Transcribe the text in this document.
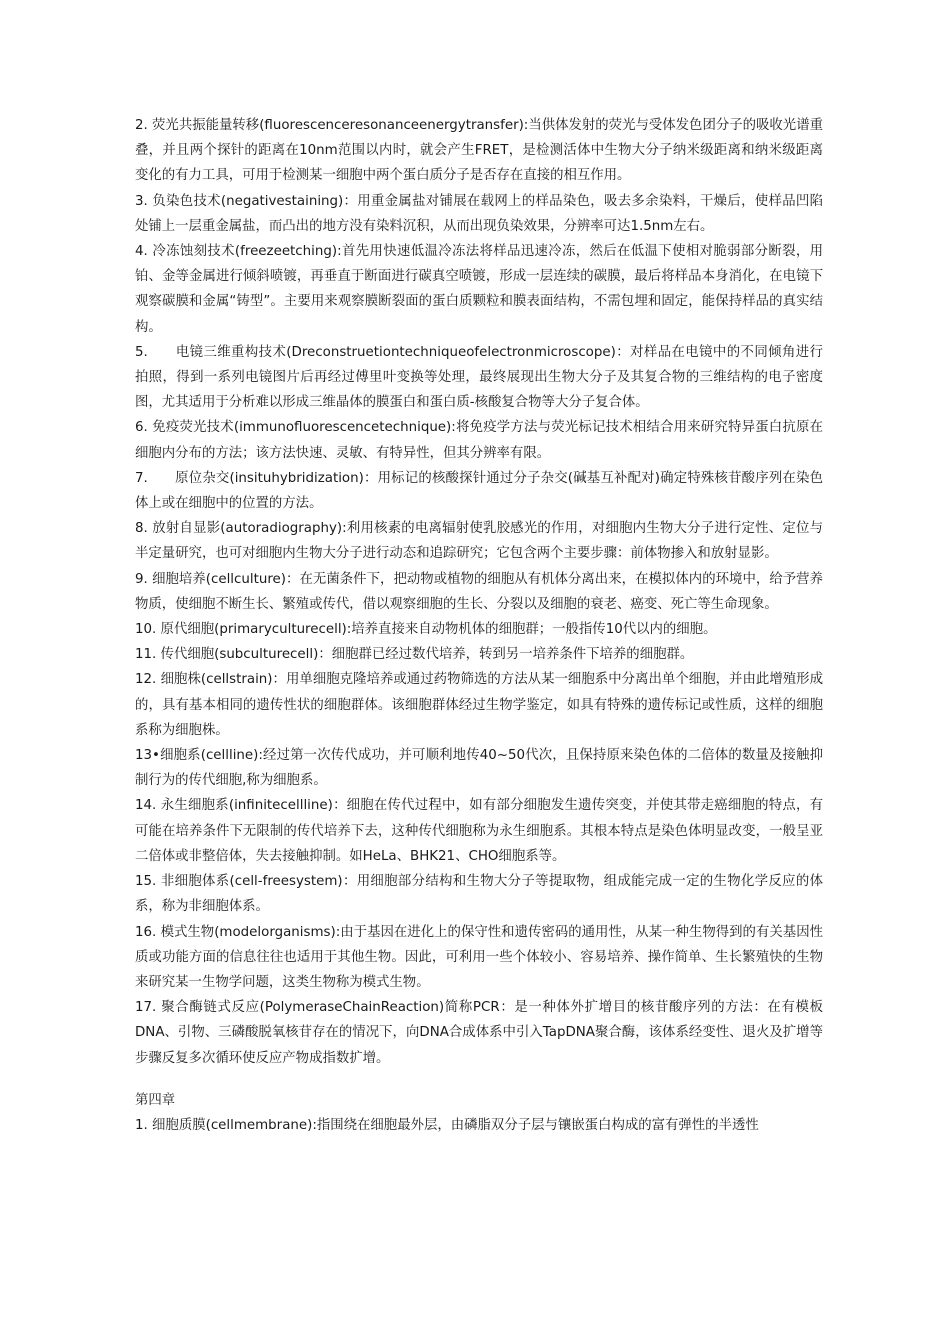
2. 荧光共振能量转移(fluorescenceresonanceenergytransfer):当供体发射的荧光与受体发色团分子的吸收光谱重叠，并且两个探针的距离在10nm范围以内时，就会产生FRET，是检测活体中生物大分子纳米级距离和纳米级距离变化的有力工具，可用于检测某一细胞中两个蛋白质分子是否存在直接的相互作用。

3. 负染色技术(negativestaining)：用重金属盐对铺展在载网上的样品染色，吸去多余染料，干燥后，使样品凹陷处铺上一层重金属盐，而凸出的地方没有染料沉积，从而出现负染效果，分辨率可达1.5nm左右。

4. 冷冻蚀刻技术(freezeetching):首先用快速低温冷冻法将样品迅速冷冻，然后在低温下使相对脆弱部分断裂，用铂、金等金属进行倾斜喷镀，再垂直于断面进行碳真空喷镀，形成一层连续的碳膜，最后将样品本身消化，在电镜下观察碳膜和金属“铸型”。主要用来观察膜断裂面的蛋白质颗粒和膜表面结构，不需包埋和固定，能保持样品的真实结构。

5.　　电镜三维重构技术(Dreconstruetiontechniqueofelectronmicroscope)：对样品在电镜中的不同倾角进行拍照，得到一系列电镜图片后再经过傅里叶变换等处理，最终展现出生物大分子及其复合物的三维结构的电子密度图，尤其适用于分析难以形成三维晶体的膜蛋白和蛋白质-核酸复合物等大分子复合体。

6. 免疫荧光技术(immunofluorescencetechnique):将免疫学方法与荧光标记技术相结合用来研究特异蛋白抗原在细胞内分布的方法；该方法快速、灵敏、有特异性，但其分辨率有限。

7.　　原位杂交(insituhybridization)：用标记的核酸探针通过分子杂交(碱基互补配对)确定特殊核苷酸序列在染色体上或在细胞中的位置的方法。

8. 放射自显影(autoradiography):利用核素的电离辐射使乳胶感光的作用，对细胞内生物大分子进行定性、定位与半定量研究，也可对细胞内生物大分子进行动态和追踪研究；它包含两个主要步骤：前体物掺入和放射显影。

9. 细胞培养(cellculture)：在无菌条件下，把动物或植物的细胞从有机体分离出来，在模拟体内的环境中，给予营养物质，使细胞不断生长、繁殖或传代，借以观察细胞的生长、分裂以及细胞的衰老、癌变、死亡等生命现象。

10. 原代细胞(primaryculturecell):培养直接来自动物机体的细胞群；一般指传10代以内的细胞。

11. 传代细胞(subculturecell)：细胞群已经过数代培养，转到另一培养条件下培养的细胞群。

12. 细胞株(cellstrain)：用单细胞克隆培养或通过药物筛选的方法从某一细胞系中分离出单个细胞，并由此增殖形成的，具有基本相同的遗传性状的细胞群体。该细胞群体经过生物学鉴定，如具有特殊的遗传标记或性质，这样的细胞系称为细胞株。

13•细胞系(cellline):经过第一次传代成功，并可顺利地传40~50代次，且保持原来染色体的二倍体的数量及接触抑制行为的传代细胞,称为细胞系。

14. 永生细胞系(infinitecellline)：细胞在传代过程中，如有部分细胞发生遗传突变，并使其带走癌细胞的特点，有可能在培养条件下无限制的传代培养下去，这种传代细胞称为永生细胞系。其根本特点是染色体明显改变，一般呈亚二倍体或非整倍体，失去接触抑制。如HeLa、BHK21、CHO细胞系等。

15. 非细胞体系(cell-freesystem)：用细胞部分结构和生物大分子等提取物，组成能完成一定的生物化学反应的体系，称为非细胞体系。

16. 模式生物(modelorganisms):由于基因在进化上的保守性和遗传密码的通用性，从某一种生物得到的有关基因性质或功能方面的信息往往也适用于其他生物。因此，可利用一些个体较小、容易培养、操作简单、生长繁殖快的生物来研究某一生物学问题，这类生物称为模式生物。

17. 聚合酶链式反应(PolymeraseChainReaction)简称PCR：是一种体外扩增目的核苷酸序列的方法：在有模板DNA、引物、三磷酸脱氧核苷存在的情况下，向DNA合成体系中引入TapDNA聚合酶，该体系经变性、退火及扩增等步骤反复多次循环使反应产物成指数扩增。

第四章

1. 细胞质膜(cellmembrane):指围绕在细胞最外层，由磷脂双分子层与镶嵌蛋白构成的富有弹性的半透性
